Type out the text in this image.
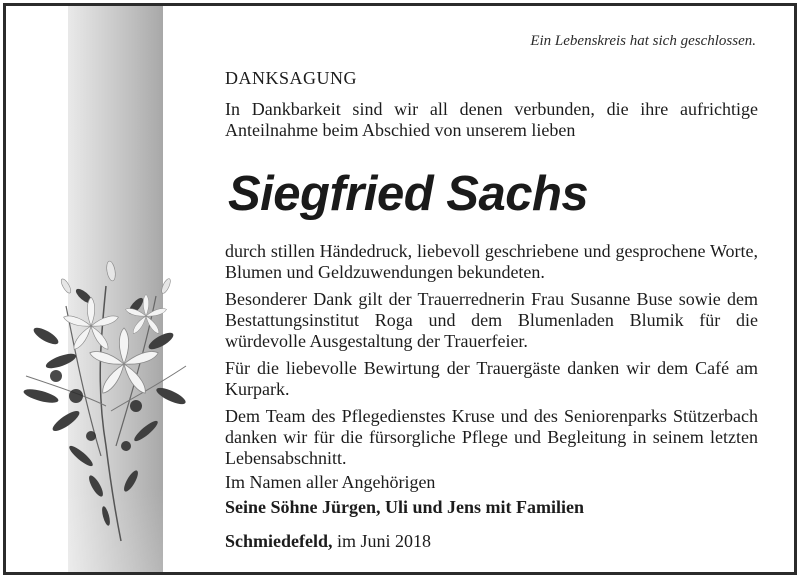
Ein Lebenskreis hat sich geschlossen.
DANKSAGUNG
In Dankbarkeit sind wir all denen verbunden, die ihre aufrichtige Anteilnahme beim Abschied von unserem lieben
Siegfried Sachs

durch stillen Händedruck, liebevoll geschriebene und gesprochene Worte, Blumen und Geldzuwendungen bekundeten.

Besonderer Dank gilt der Trauerrednerin Frau Susanne Buse sowie dem Bestattungsinstitut Roga und dem Blumenladen Blumik für die würdevolle Ausgestaltung der Trauerfeier.

Für die liebevolle Bewirtung der Trauergäste danken wir dem Café am Kurpark.

Dem Team des Pflegedienstes Kruse und des Seniorenparks Stützerbach danken wir für die fürsorgliche Pflege und Begleitung in seinem letzten Lebensabschnitt.

Im Namen aller Angehörigen
Seine Söhne Jürgen, Uli und Jens mit Familien
Schmiedefeld, im Juni 2018
